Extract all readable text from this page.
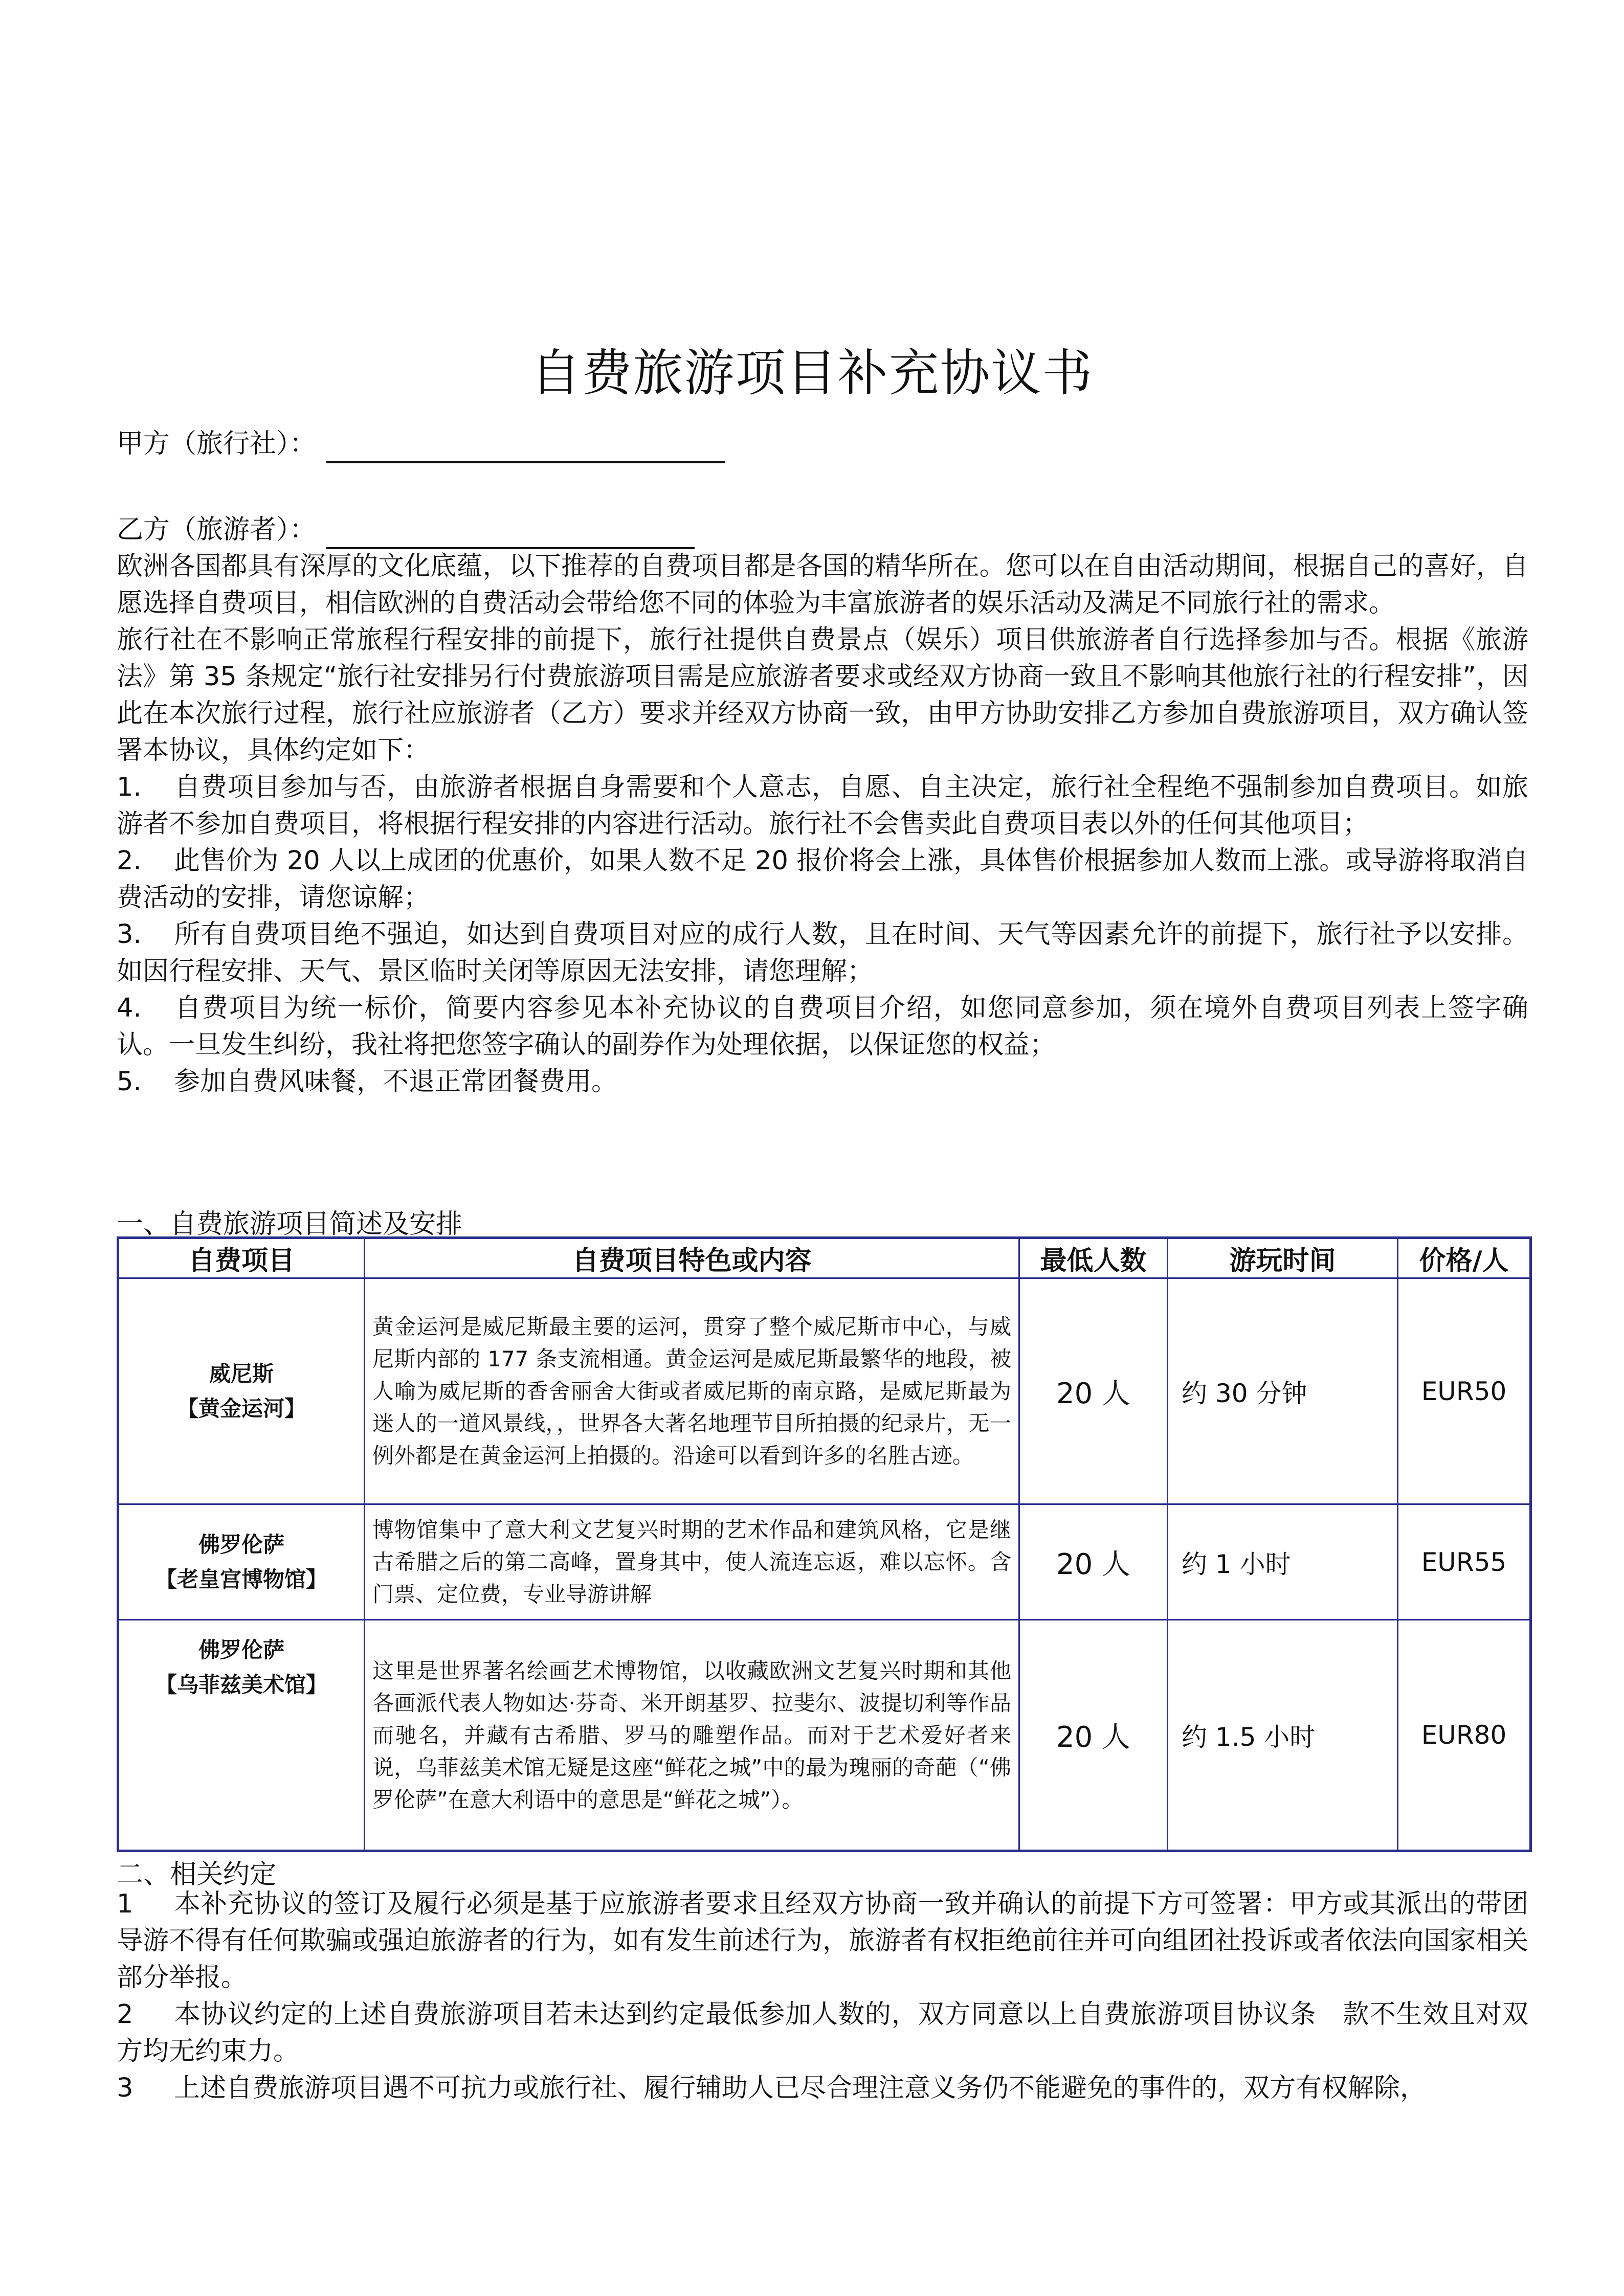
自费旅游项目补充协议书
甲方（旅行社）：
乙方（旅游者）：

欧洲各国都具有深厚的文化底蕴，以下推荐的自费项目都是各国的精华所在。您可以在自由活动期间，根据自己的喜好，自愿选择自费项目，相信欧洲的自费活动会带给您不同的体验为丰富旅游者的娱乐活动及满足不同旅行社的需求。

旅行社在不影响正常旅程行程安排的前提下，旅行社提供自费景点（娱乐）项目供旅游者自行选择参加与否。根据《旅游法》第 35 条规定“旅行社安排另行付费旅游项目需是应旅游者要求或经双方协商一致且不影响其他旅行社的行程安排”，因此在本次旅行过程，旅行社应旅游者（乙方）要求并经双方协商一致，由甲方协助安排乙方参加自费旅游项目，双方确认签署本协议，具体约定如下：

1. 自费项目参加与否，由旅游者根据自身需要和个人意志，自愿、自主决定，旅行社全程绝不强制参加自费项目。如旅游者不参加自费项目，将根据行程安排的内容进行活动。旅行社不会售卖此自费项目表以外的任何其他项目；

2. 此售价为 20 人以上成团的优惠价，如果人数不足 20 报价将会上涨，具体售价根据参加人数而上涨。或导游将取消自费活动的安排，请您谅解；

3. 所有自费项目绝不强迫，如达到自费项目对应的成行人数，且在时间、天气等因素允许的前提下，旅行社予以安排。如因行程安排、天气、景区临时关闭等原因无法安排，请您理解；

4. 自费项目为统一标价，简要内容参见本补充协议的自费项目介绍，如您同意参加，须在境外自费项目列表上签字确认。一旦发生纠纷，我社将把您签字确认的副券作为处理依据，以保证您的权益；

5. 参加自费风味餐，不退正常团餐费用。

一、自费旅游项目简述及安排
自费项目	自费项目特色或内容	最低人数	游玩时间	价格/人

威尼斯
【黄金运河】	黄金运河是威尼斯最主要的运河，贯穿了整个威尼斯市中心，与威尼斯内部的 177 条支流相通。黄金运河是威尼斯最繁华的地段，被人喻为威尼斯的香舍丽舍大街或者威尼斯的南京路，是威尼斯最为迷人的一道风景线，，世界各大著名地理节目所拍摄的纪录片，无一例外都是在黄金运河上拍摄的。沿途可以看到许多的名胜古迹。	20 人	约 30 分钟	EUR50

佛罗伦萨
【老皇宫博物馆】	博物馆集中了意大利文艺复兴时期的艺术作品和建筑风格，它是继古希腊之后的第二高峰，置身其中，使人流连忘返，难以忘怀。含门票、定位费，专业导游讲解	20 人	约 1 小时	EUR55

佛罗伦萨
【乌菲兹美术馆】	这里是世界著名绘画艺术博物馆，以收藏欧洲文艺复兴时期和其他各画派代表人物如达·芬奇、米开朗基罗、拉斐尔、波提切利等作品而驰名，并藏有古希腊、罗马的雕塑作品。而对于艺术爱好者来说，乌菲兹美术馆无疑是这座“鲜花之城”中的最为瑰丽的奇葩（“佛罗伦萨”在意大利语中的意思是“鲜花之城”）。	20 人	约 1.5 小时	EUR80
二、相关约定

1 本补充协议的签订及履行必须是基于应旅游者要求且经双方协商一致并确认的前提下方可签署：甲方或其派出的带团导游不得有任何欺骗或强迫旅游者的行为，如有发生前述行为，旅游者有权拒绝前往并可向组团社投诉或者依法向国家相关部分举报。

2 本协议约定的上述自费旅游项目若未达到约定最低参加人数的，双方同意以上自费旅游项目协议条　款不生效且对双方均无约束力。

3 上述自费旅游项目遇不可抗力或旅行社、履行辅助人已尽合理注意义务仍不能避免的事件的，双方有权解除，
